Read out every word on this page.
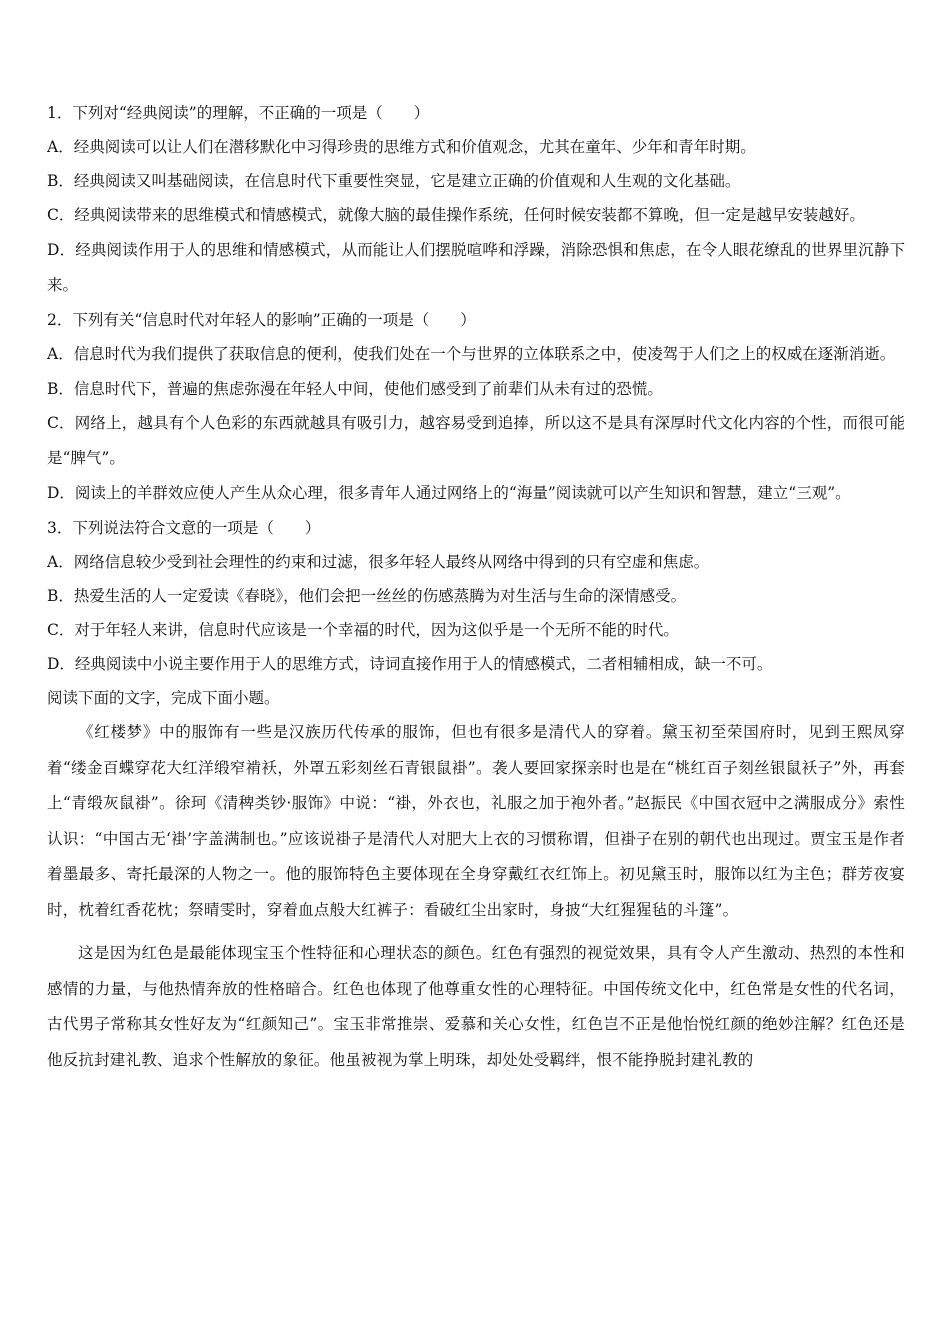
1．下列对“经典阅读”的理解，不正确的一项是（　　）
A．经典阅读可以让人们在潜移默化中习得珍贵的思维方式和价值观念，尤其在童年、少年和青年时期。
B．经典阅读又叫基础阅读，在信息时代下重要性突显，它是建立正确的价值观和人生观的文化基础。
C．经典阅读带来的思维模式和情感模式，就像大脑的最佳操作系统，任何时候安装都不算晚，但一定是越早安装越好。
D．经典阅读作用于人的思维和情感模式，从而能让人们摆脱喧哗和浮躁，消除恐惧和焦虑，在令人眼花缭乱的世界里沉静下来。
2．下列有关“信息时代对年轻人的影响”正确的一项是（　　）
A．信息时代为我们提供了获取信息的便利，使我们处在一个与世界的立体联系之中，使凌驾于人们之上的权威在逐渐消逝。
B．信息时代下，普遍的焦虑弥漫在年轻人中间，使他们感受到了前辈们从未有过的恐慌。
C．网络上，越具有个人色彩的东西就越具有吸引力，越容易受到追捧，所以这不是具有深厚时代文化内容的个性，而很可能是“脾气”。
D．阅读上的羊群效应使人产生从众心理，很多青年人通过网络上的“海量”阅读就可以产生知识和智慧，建立“三观”。
3．下列说法符合文意的一项是（　　）
A．网络信息较少受到社会理性的约束和过滤，很多年轻人最终从网络中得到的只有空虚和焦虑。
B．热爱生活的人一定爱读《春晓》，他们会把一丝丝的伤感蒸腾为对生活与生命的深情感受。
C．对于年轻人来讲，信息时代应该是一个幸福的时代，因为这似乎是一个无所不能的时代。
D．经典阅读中小说主要作用于人的思维方式，诗词直接作用于人的情感模式，二者相辅相成，缺一不可。
阅读下面的文字，完成下面小题。

《红楼梦》中的服饰有一些是汉族历代传承的服饰，但也有很多是清代人的穿着。黛玉初至荣国府时，见到王熙凤穿着“缕金百蝶穿花大红洋缎窄褃袄，外罩五彩刻丝石青银鼠褂”。袭人要回家探亲时也是在“桃红百子刻丝银鼠袄子”外，再套上“青缎灰鼠褂”。徐珂《清稗类钞·服饰》中说：“褂，外衣也，礼服之加于袍外者。”赵振民《中国衣冠中之满服成分》索性认识：“中国古无‘褂’字盖满制也。”应该说褂子是清代人对肥大上衣的习惯称谓，但褂子在别的朝代也出现过。贾宝玉是作者着墨最多、寄托最深的人物之一。他的服饰特色主要体现在全身穿戴红衣红饰上。初见黛玉时，服饰以红为主色；群芳夜宴时，枕着红香花枕；祭晴雯时，穿着血点般大红裤子：看破红尘出家时，身披“大红猩猩毡的斗篷”。

这是因为红色是最能体现宝玉个性特征和心理状态的颜色。红色有强烈的视觉效果，具有令人产生激动、热烈的本性和感情的力量，与他热情奔放的性格暗合。红色也体现了他尊重女性的心理特征。中国传统文化中，红色常是女性的代名词，古代男子常称其女性好友为“红颜知己”。宝玉非常推崇、爱慕和关心女性，红色岂不正是他怡悦红颜的绝妙注解？红色还是他反抗封建礼教、追求个性解放的象征。他虽被视为掌上明珠，却处处受羁绊，恨不能挣脱封建礼教的
